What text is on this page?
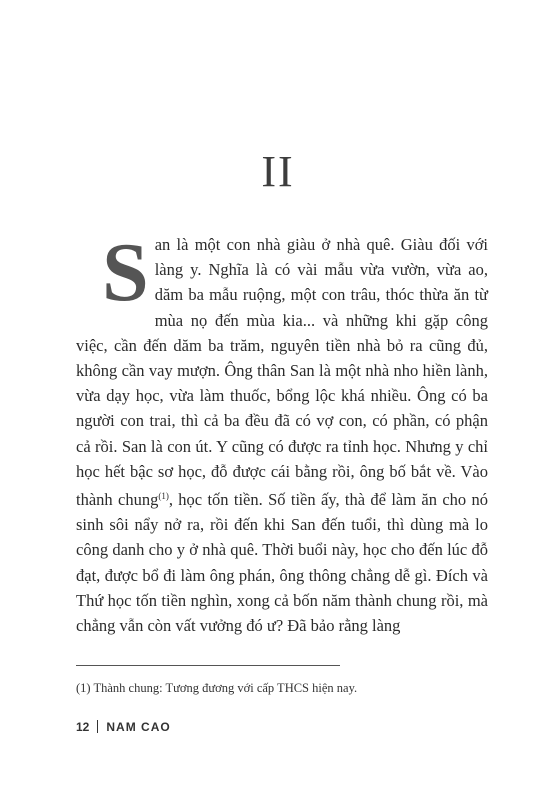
II

San là một con nhà giàu ở nhà quê. Giàu đối với làng y. Nghĩa là có vài mẫu vừa vườn, vừa ao, dăm ba mẫu ruộng, một con trâu, thóc thừa ăn từ mùa nọ đến mùa kia... và những khi gặp công việc, cần đến dăm ba trăm, nguyên tiền nhà bỏ ra cũng đủ, không cần vay mượn. Ông thân San là một nhà nho hiền lành, vừa dạy học, vừa làm thuốc, bổng lộc khá nhiều. Ông có ba người con trai, thì cả ba đều đã có vợ con, có phần, có phận cả rồi. San là con út. Y cũng có được ra tỉnh học. Nhưng y chỉ học hết bậc sơ học, đỗ được cái bằng rồi, ông bố bắt về. Vào thành chung$^{(1)}$, học tốn tiền. Số tiền ấy, thà để làm ăn cho nó sinh sôi nẩy nở ra, rồi đến khi San đến tuổi, thì dùng mà lo công danh cho y ở nhà quê. Thời buổi này, học cho đến lúc đỗ đạt, được bổ đi làm ông phán, ông thông chẳng dễ gì. Đích và Thứ học tốn tiền nghìn, xong cả bốn năm thành chung rồi, mà chẳng vẫn còn vất vưởng đó ư? Đã bảo rằng làng

(1) Thành chung: Tương đương với cấp THCS hiện nay.
12 NAM CAO
